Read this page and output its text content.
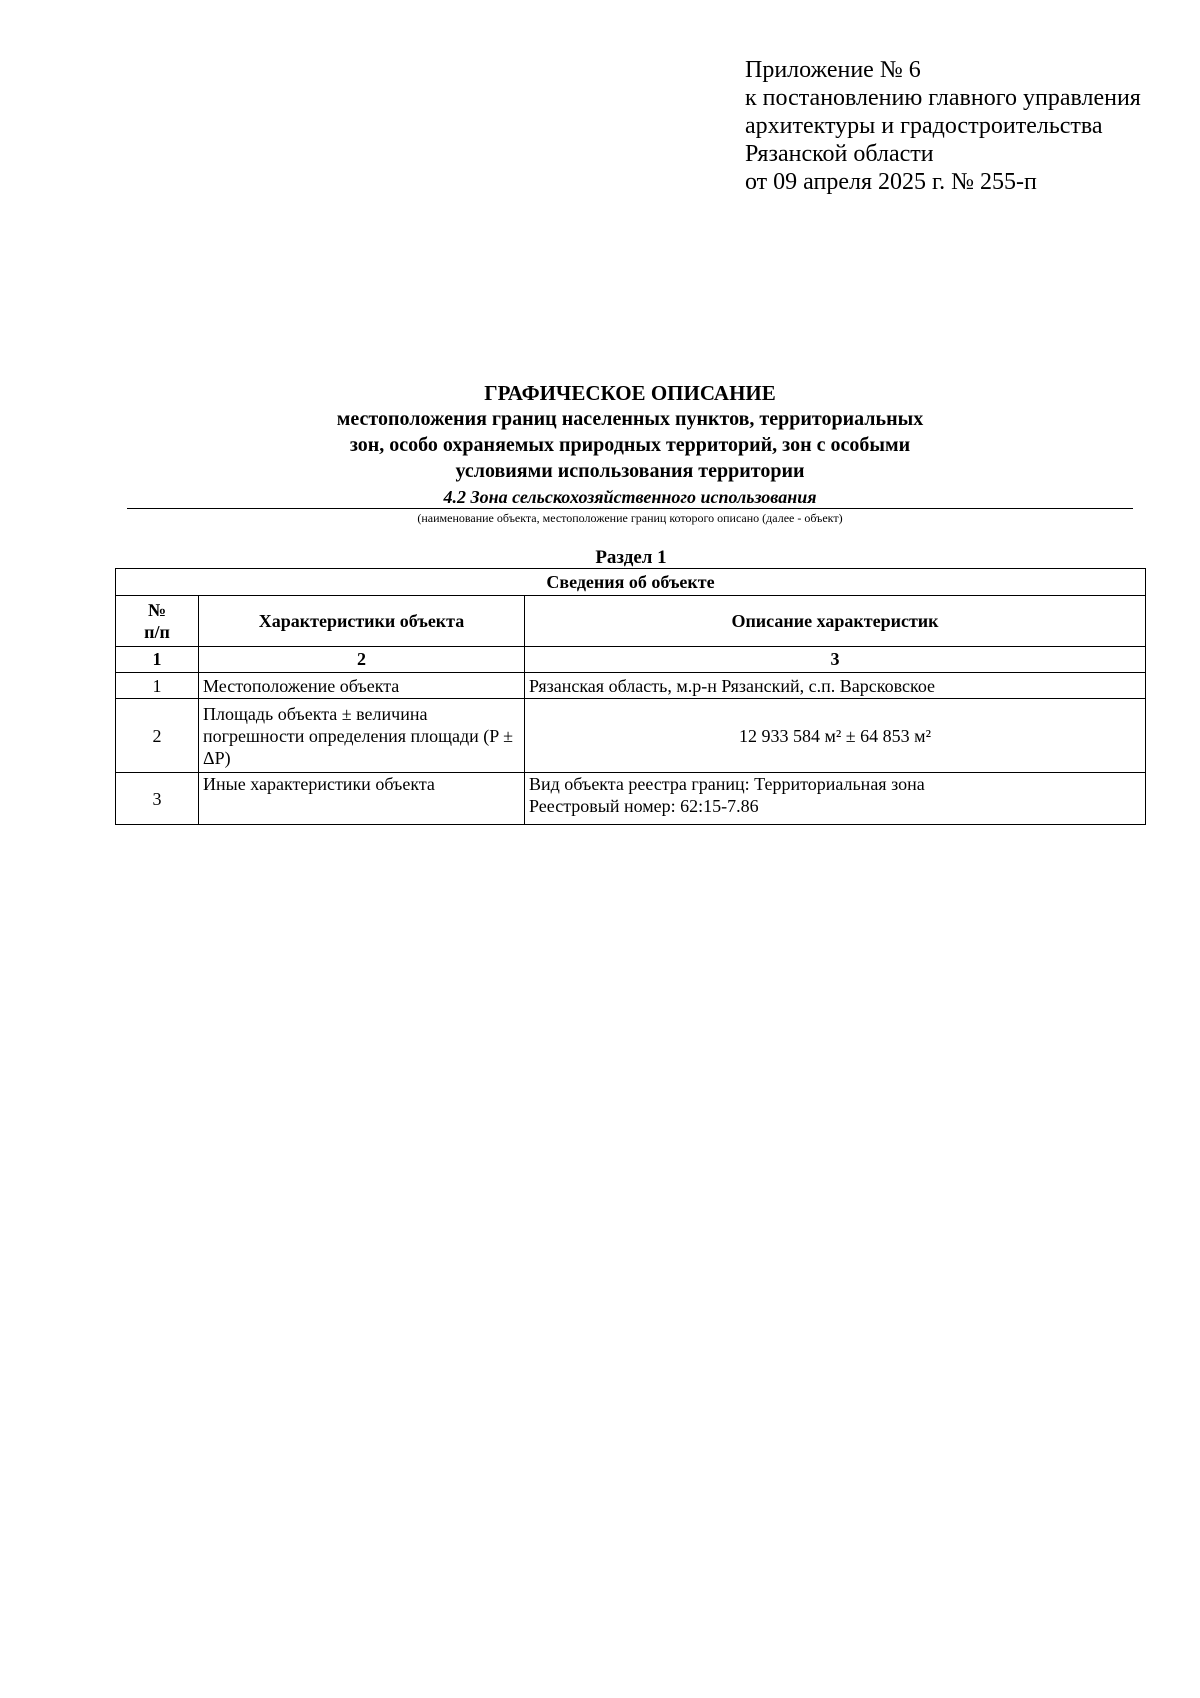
Приложение № 6
к постановлению главного управления
архитектуры и градостроительства
Рязанской области
от 09 апреля 2025 г. № 255-п
ГРАФИЧЕСКОЕ ОПИСАНИЕ
местоположения границ населенных пунктов, территориальных
зон, особо охраняемых природных территорий, зон с особыми
условиями использования территории
4.2 Зона сельскохозяйственного использования
(наименование объекта, местоположение границ которого описано (далее - объект)
Раздел 1
Сведения об объекте		

№
п/п	Характеристики объекта	Описание характеристик
1	2	3
1	Местоположение объекта	Рязанская область, м.р-н Рязанский, с.п. Варсковское
2	Площадь объекта ± величина погрешности определения площади (P ± ΔP)	12 933 584 м² ± 64 853 м²
3	Иные характеристики объекта	Вид объекта реестра границ: Территориальная зона
Реестровый номер: 62:15-7.86
